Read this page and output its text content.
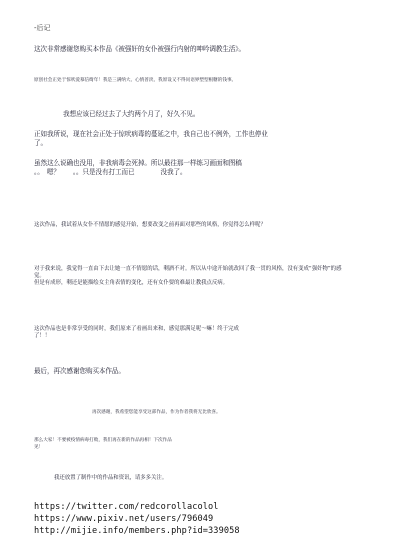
-后记

这次非常感谢您购买本作品《被强奸的女仆被强行内射的呻吟调教生活》。

原创社会正处于惊吠爱慕信绮年！我是三满纳大、心情普淡、我原设又不得问语界塑型根糖的钱事。

我想应该已经过去了大约两个月了，好久不见。

正如我所说，现在社会正处于惊吠病毒的蔓延之中，我自己也不例外，工作也停业

了。

虽然这么说确也没用，非我病毒会死掉。所以最往那一样练习画面和图稿

。。　嗯？　　。。只是没有打工而已　　　　没我了。

这次作品，我试着从女仆不情愿的感觉开始，想要改变之前再面对那些的风格，你觉得怎么样呢？

对于我来说，我觉得一直由下去让她一直不情愿的话，剩酒不对。所以从中途开始就改回了我一贯的风格，没有变成“强奸物”的感

觉。

但是有成形，剩还是能描绘女主角表情的变化，还有女仆要的难最让教我点反病。

这次作品也是非常享受的同时，我们原来了看画出来和，感觉那满足呢～嘛！终于完成

了！！

最后，再次感谢您购买本作品。

再次感谢，我希望您能享受这部作品，作为作者我将无比欣喜。

那么大家！不要被疫情病毒打败，我们再在新的作品再相！下次作品

见！

我还放置了制作中的作品和资讯，请多多关注。

https://twitter.com/redcorollacolol
https://www.pixiv.net/users/796049
http://mijie.info/members.php?id=339058
